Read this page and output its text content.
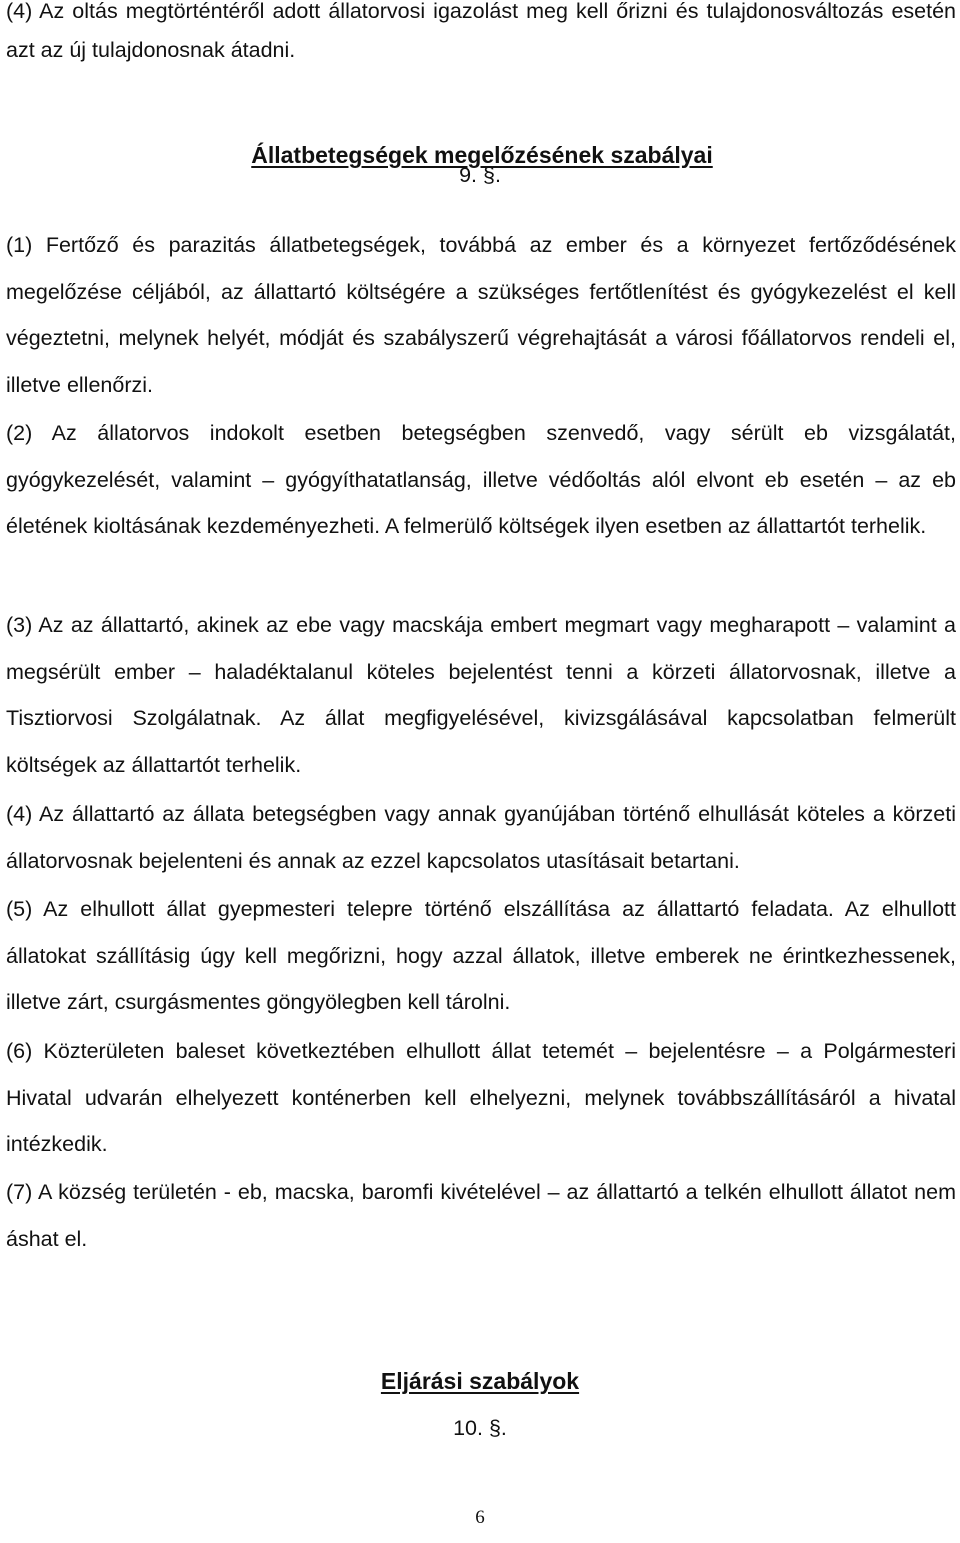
(4) Az oltás megtörténtéről adott állatorvosi igazolást meg kell őrizni és tulajdonosváltozás esetén azt az új tulajdonosnak átadni.

Állatbetegségek megelőzésének szabályai
9. §.

(1) Fertőző és parazitás állatbetegségek, továbbá az ember és a környezet fertőződésének megelőzése céljából, az állattartó költségére a szükséges fertőtlenítést és gyógykezelést el kell végeztetni, melynek helyét, módját és szabályszerű végrehajtását a városi főállatorvos rendeli el, illetve ellenőrzi.

(2) Az állatorvos indokolt esetben betegségben szenvedő, vagy sérült eb vizsgálatát, gyógykezelését, valamint – gyógyíthatatlanság, illetve védőoltás alól elvont eb esetén – az eb életének kioltásának kezdeményezheti. A felmerülő költségek ilyen esetben az állattartót terhelik.

(3) Az az állattartó, akinek az ebe vagy macskája embert megmart vagy megharapott – valamint a megsérült ember – haladéktalanul köteles bejelentést tenni a körzeti állatorvosnak, illetve a Tisztiorvosi Szolgálatnak. Az állat megfigyelésével, kivizsgálásával kapcsolatban felmerült költségek az állattartót terhelik.

(4) Az állattartó az állata betegségben vagy annak gyanújában történő elhullását köteles a körzeti állatorvosnak bejelenteni és annak az ezzel kapcsolatos utasításait betartani.

(5) Az elhullott állat gyepmesteri telepre történő elszállítása az állattartó feladata. Az elhullott állatokat szállításig úgy kell megőrizni, hogy azzal állatok, illetve emberek ne érintkezhessenek, illetve zárt, csurgásmentes göngyölegben kell tárolni.

(6) Közterületen baleset következtében elhullott állat tetemét – bejelentésre – a Polgármesteri Hivatal udvarán elhelyezett konténerben kell elhelyezni, melynek továbbszállításáról a hivatal intézkedik.

(7) A község területén - eb, macska, baromfi kivételével – az állattartó a telkén elhullott állatot nem áshat el.

Eljárási szabályok
10. §.
6
